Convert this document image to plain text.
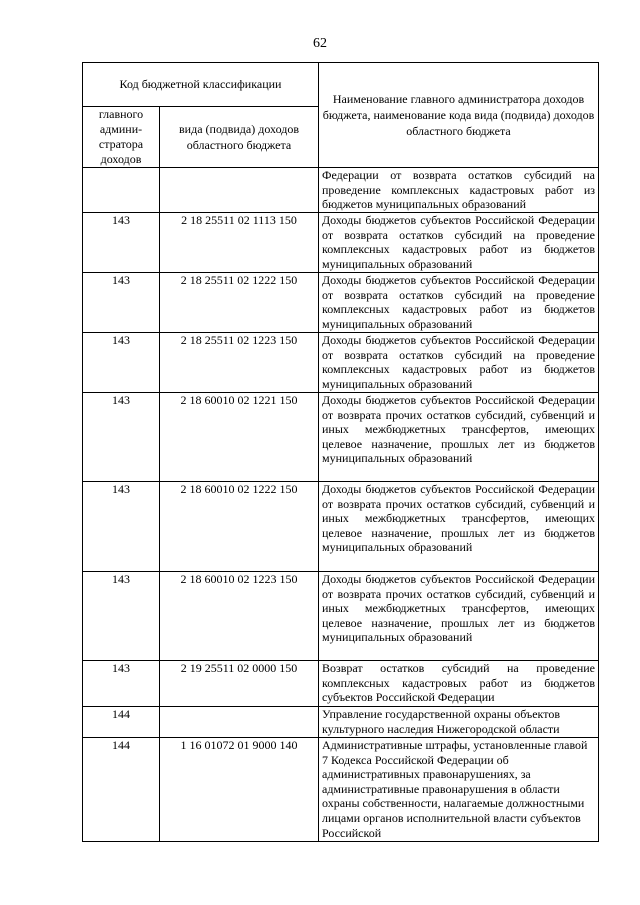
62
Код бюджетной классификации		Наименование главного администратора доходов бюджета, наименование кода вида (подвида) доходов областного бюджета
главного админи-стратора доходов	вида (подвида) доходов областного бюджета	
		Федерации от возврата остатков субсидий на проведение комплексных кадастровых работ из бюджетов муниципальных образований
143	2 18 25511 02 1113 150	Доходы бюджетов субъектов Российской Федерации от возврата остатков субсидий на проведение комплексных кадастровых работ из бюджетов муниципальных образований
143	2 18 25511 02 1222 150	Доходы бюджетов субъектов Российской Федерации от возврата остатков субсидий на проведение комплексных кадастровых работ из бюджетов муниципальных образований
143	2 18 25511 02 1223 150	Доходы бюджетов субъектов Российской Федерации от возврата остатков субсидий на проведение комплексных кадастровых работ из бюджетов муниципальных образований
143	2 18 60010 02 1221 150	Доходы бюджетов субъектов Российской Федерации от возврата прочих остатков субсидий, субвенций и иных межбюджетных трансфертов, имеющих целевое назначение, прошлых лет из бюджетов муниципальных образований
143	2 18 60010 02 1222 150	Доходы бюджетов субъектов Российской Федерации от возврата прочих остатков субсидий, субвенций и иных межбюджетных трансфертов, имеющих целевое назначение, прошлых лет из бюджетов муниципальных образований
143	2 18 60010 02 1223 150	Доходы бюджетов субъектов Российской Федерации от возврата прочих остатков субсидий, субвенций и иных межбюджетных трансфертов, имеющих целевое назначение, прошлых лет из бюджетов муниципальных образований
143	2 19 25511 02 0000 150	Возврат остатков субсидий на проведение комплексных кадастровых работ из бюджетов субъектов Российской Федерации
144		Управление государственной охраны объектов культурного наследия Нижегородской области
144	1 16 01072 01 9000 140	Административные штрафы, установленные главой 7 Кодекса Российской Федерации об административных правонарушениях, за административные правонарушения в области охраны собственности, налагаемые должностными лицами органов исполнительной власти субъектов Российской
